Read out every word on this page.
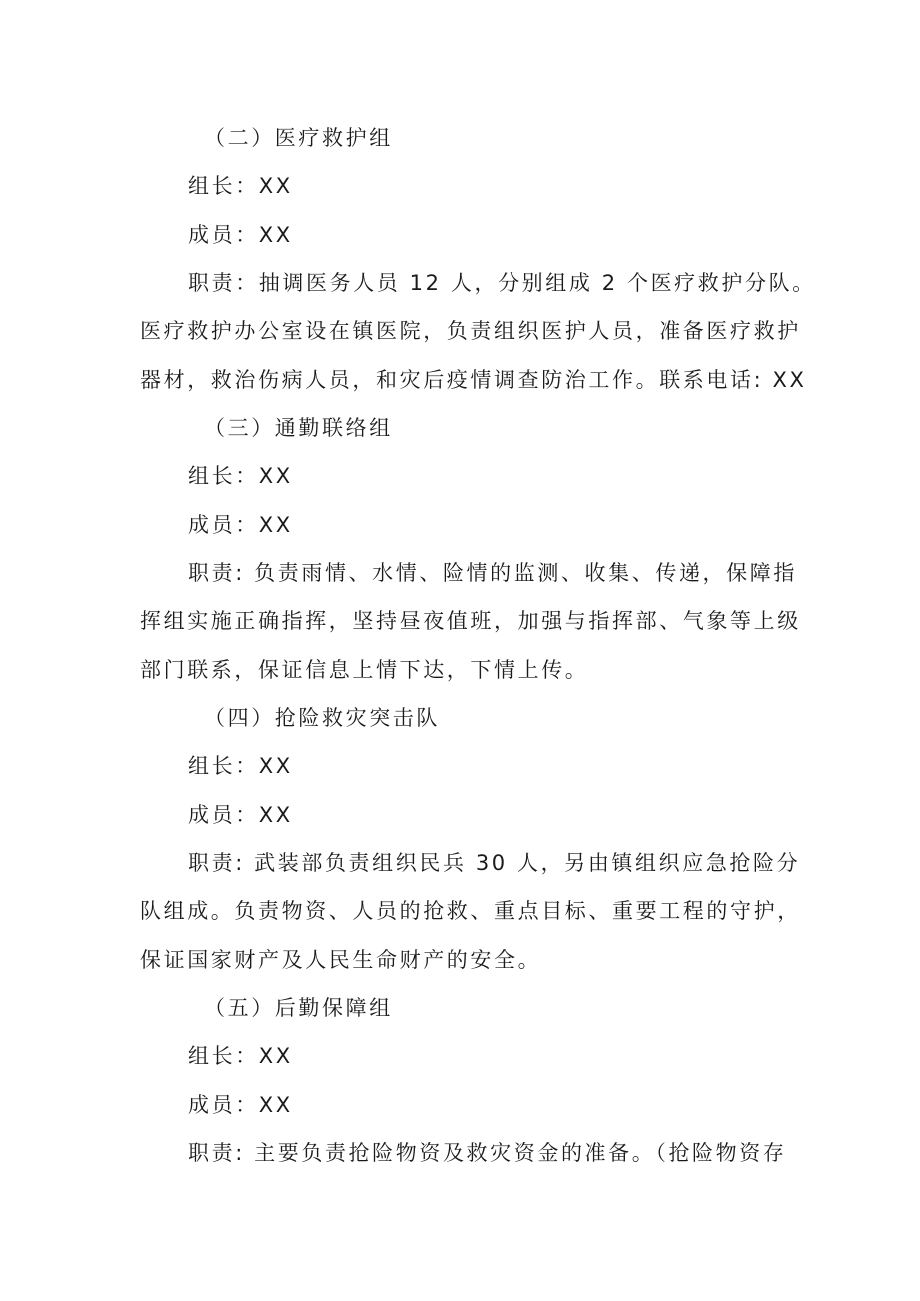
（二）医疗救护组
组长：XX
成员：XX
职责：抽调医务人员 12 人，分别组成 2 个医疗救护分队。
医疗救护办公室设在镇医院，负责组织医护人员，准备医疗救护
器材，救治伤病人员，和灾后疫情调查防治工作。联系电话: XX
（三）通勤联络组
组长：XX
成员：XX
职责: 负责雨情、水情、险情的监测、收集、传递，保障指
挥组实施正确指挥，坚持昼夜值班，加强与指挥部、气象等上级
部门联系，保证信息上情下达，下情上传。
（四）抢险救灾突击队
组长：XX
成员：XX
职责: 武装部负责组织民兵 30 人，另由镇组织应急抢险分
队组成。负责物资、人员的抢救、重点目标、重要工程的守护，
保证国家财产及人民生命财产的安全。
（五）后勤保障组
组长：XX
成员：XX
职责: 主要负责抢险物资及救灾资金的准备。（抢险物资存
